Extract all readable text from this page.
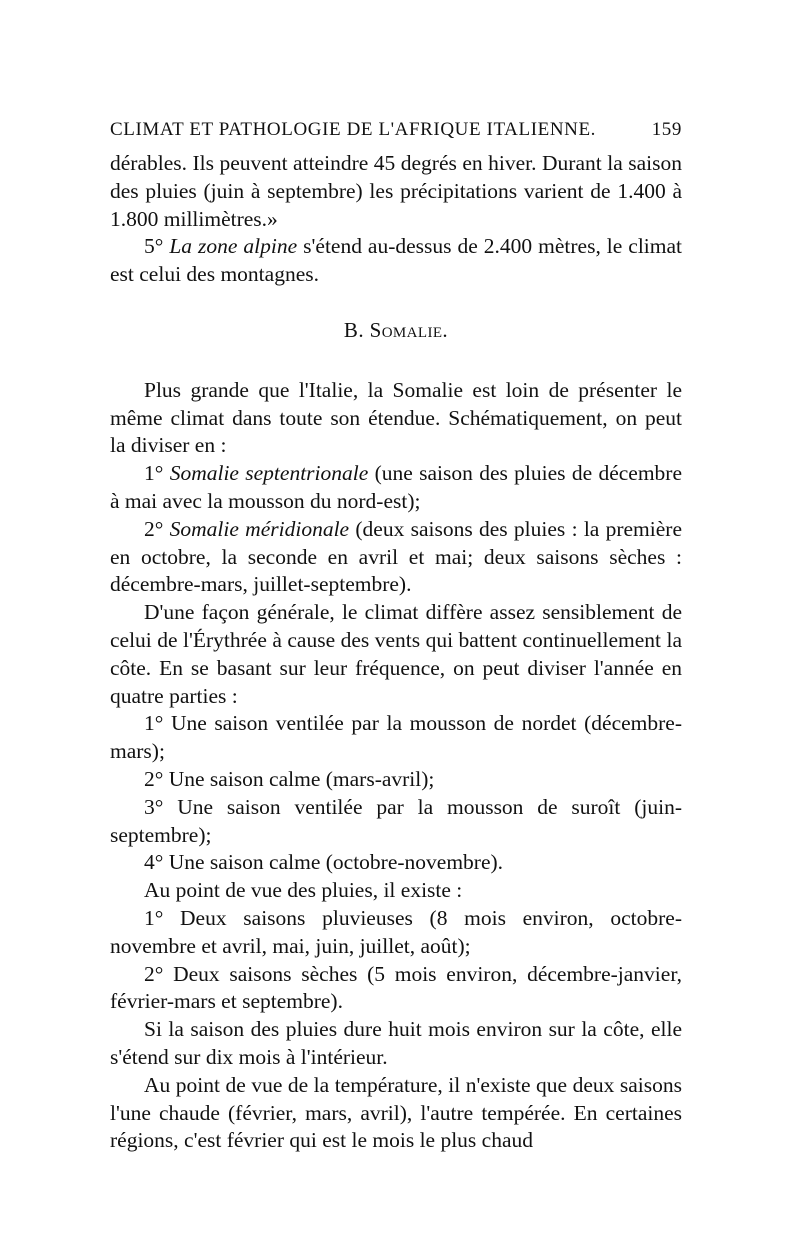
CLIMAT ET PATHOLOGIE DE L'AFRIQUE ITALIENNE.	159

dérables. Ils peuvent atteindre 45 degrés en hiver. Durant la saison des pluies (juin à septembre) les précipitations varient de 1.400 à 1.800 millimètres.»

5° La zone alpine s'étend au-dessus de 2.400 mètres, le climat est celui des montagnes.

B. Somalie.

Plus grande que l'Italie, la Somalie est loin de présenter le même climat dans toute son étendue. Schématiquement, on peut la diviser en :

1° Somalie septentrionale (une saison des pluies de décembre à mai avec la mousson du nord-est);

2° Somalie méridionale (deux saisons des pluies : la première en octobre, la seconde en avril et mai; deux saisons sèches : décembre-mars, juillet-septembre).

D'une façon générale, le climat diffère assez sensiblement de celui de l'Érythrée à cause des vents qui battent continuellement la côte. En se basant sur leur fréquence, on peut diviser l'année en quatre parties :

1° Une saison ventilée par la mousson de nordet (décembre-mars);

2° Une saison calme (mars-avril);

3° Une saison ventilée par la mousson de suroît (juin-septembre);

4° Une saison calme (octobre-novembre).

Au point de vue des pluies, il existe :

1° Deux saisons pluvieuses (8 mois environ, octobre-novembre et avril, mai, juin, juillet, août);

2° Deux saisons sèches (5 mois environ, décembre-janvier, février-mars et septembre).

Si la saison des pluies dure huit mois environ sur la côte, elle s'étend sur dix mois à l'intérieur.

Au point de vue de la température, il n'existe que deux saisons l'une chaude (février, mars, avril), l'autre tempérée. En certaines régions, c'est février qui est le mois le plus chaud
